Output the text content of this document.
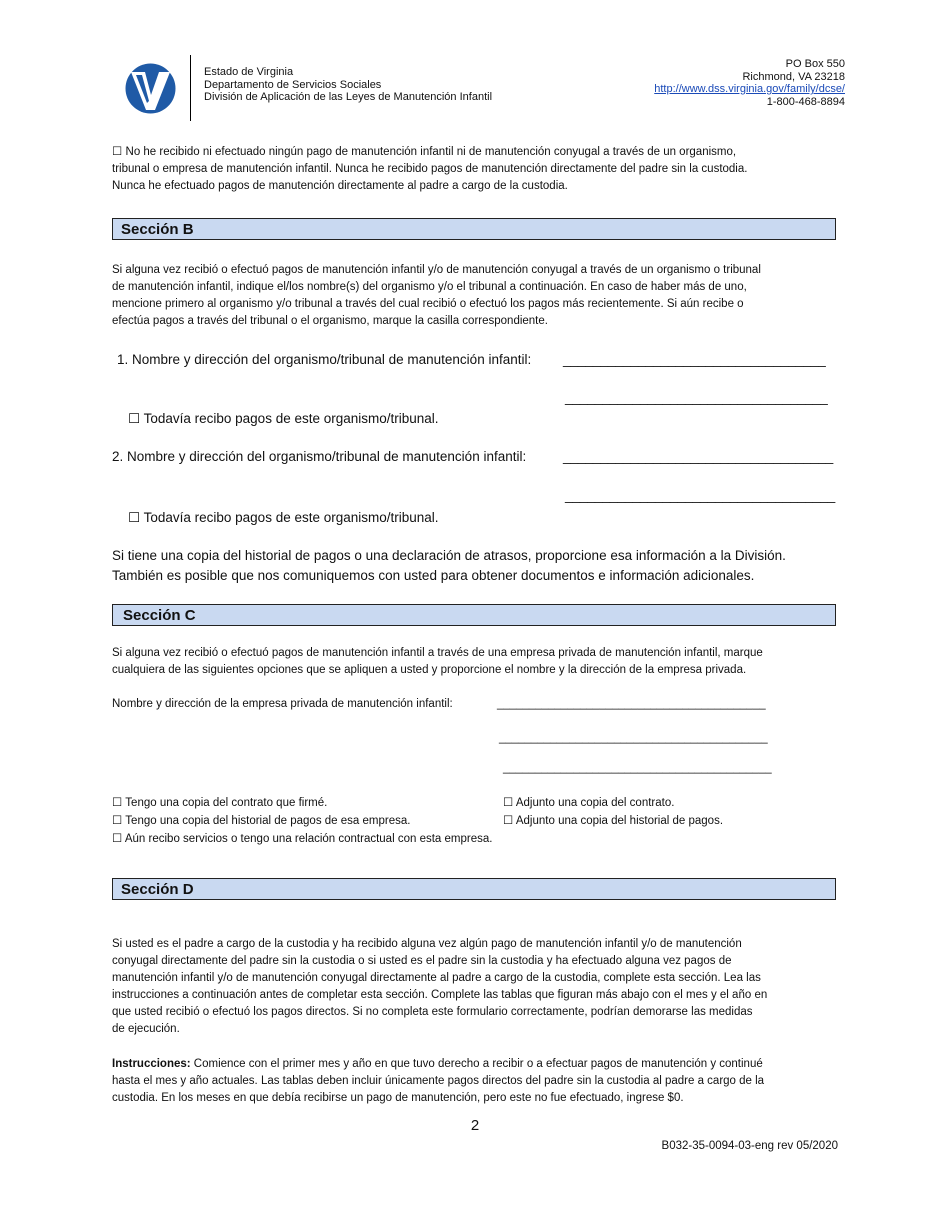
Estado de Virginia
Departamento de Servicios Sociales
División de Aplicación de las Leyes de Manutención Infantil
PO Box 550
Richmond, VA 23218
http://www.dss.virginia.gov/family/dcse/
1-800-468-8894
☐ No he recibido ni efectuado ningún pago de manutención infantil ni de manutención conyugal a través de un organismo,
tribunal o empresa de manutención infantil. Nunca he recibido pagos de manutención directamente del padre sin la custodia.
Nunca he efectuado pagos de manutención directamente al padre a cargo de la custodia.
Sección B
Si alguna vez recibió o efectuó pagos de manutención infantil y/o de manutención conyugal a través de un organismo o tribunal
de manutención infantil, indique el/los nombre(s) del organismo y/o el tribunal a continuación. En caso de haber más de uno,
mencione primero al organismo y/o tribunal a través del cual recibió o efectuó los pagos más recientemente. Si aún recibe o
efectúa pagos a través del tribunal o el organismo, marque la casilla correspondiente.
1. Nombre y dirección del organismo/tribunal de manutención infantil: ___________________________________
___________________________________
☐ Todavía recibo pagos de este organismo/tribunal.
2. Nombre y dirección del organismo/tribunal de manutención infantil:	____________________________________
____________________________________
☐ Todavía recibo pagos de este organismo/tribunal.
Si tiene una copia del historial de pagos o una declaración de atrasos, proporcione esa información a la División.
También es posible que nos comuniquemos con usted para obtener documentos e información adicionales.
Sección C
Si alguna vez recibió o efectuó pagos de manutención infantil a través de una empresa privada de manutención infantil, marque
cualquiera de las siguientes opciones que se apliquen a usted y proporcione el nombre y la dirección de la empresa privada.
Nombre y dirección de la empresa privada de manutención infantil:	__________________________________________
__________________________________________
__________________________________________
☐ Tengo una copia del contrato que firmé.
☐ Tengo una copia del historial de pagos de esa empresa.
☐ Aún recibo servicios o tengo una relación contractual con esta empresa.
☐ Adjunto una copia del contrato.
☐ Adjunto una copia del historial de pagos.
Sección D
Si usted es el padre a cargo de la custodia y ha recibido alguna vez algún pago de manutención infantil y/o de manutención
conyugal directamente del padre sin la custodia o si usted es el padre sin la custodia y ha efectuado alguna vez pagos de
manutención infantil y/o de manutención conyugal directamente al padre a cargo de la custodia, complete esta sección. Lea las
instrucciones a continuación antes de completar esta sección. Complete las tablas que figuran más abajo con el mes y el año en
que usted recibió o efectuó los pagos directos. Si no completa este formulario correctamente, podrían demorarse las medidas
de ejecución.
Instrucciones: Comience con el primer mes y año en que tuvo derecho a recibir o a efectuar pagos de manutención y continué
hasta el mes y año actuales. Las tablas deben incluir únicamente pagos directos del padre sin la custodia al padre a cargo de la
custodia. En los meses en que debía recibirse un pago de manutención, pero este no fue efectuado, ingrese $0.
2
B032-35-0094-03-eng rev 05/2020
